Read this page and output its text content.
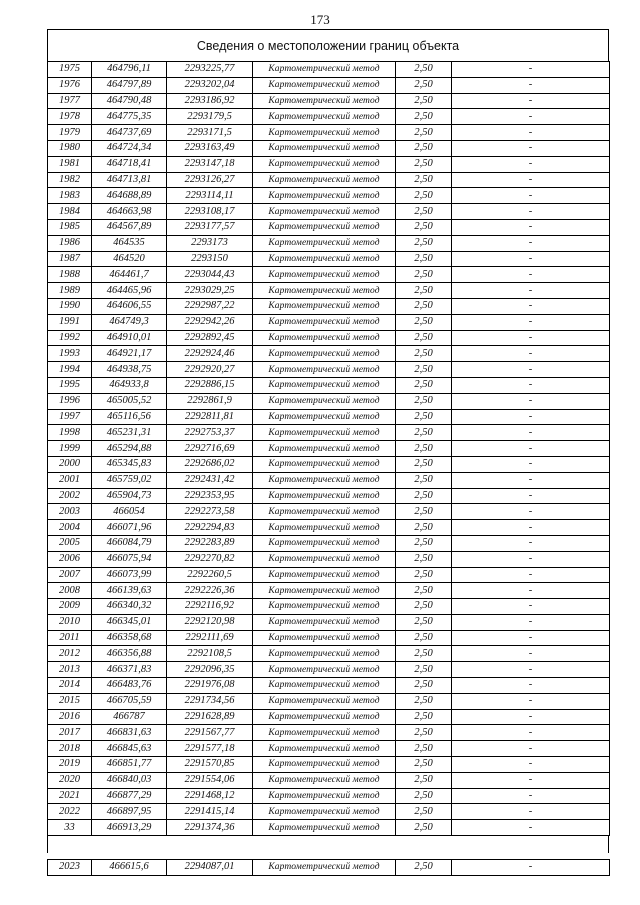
173
Сведения о местоположении границ объекта
1975	464796,11	2293225,77	Картометрический метод	2,50	-
1976	464797,89	2293202,04	Картометрический метод	2,50	-
1977	464790,48	2293186,92	Картометрический метод	2,50	-
1978	464775,35	2293179,5	Картометрический метод	2,50	-
1979	464737,69	2293171,5	Картометрический метод	2,50	-
1980	464724,34	2293163,49	Картометрический метод	2,50	-
1981	464718,41	2293147,18	Картометрический метод	2,50	-
1982	464713,81	2293126,27	Картометрический метод	2,50	-
1983	464688,89	2293114,11	Картометрический метод	2,50	-
1984	464663,98	2293108,17	Картометрический метод	2,50	-
1985	464567,89	2293177,57	Картометрический метод	2,50	-
1986	464535	2293173	Картометрический метод	2,50	-
1987	464520	2293150	Картометрический метод	2,50	-
1988	464461,7	2293044,43	Картометрический метод	2,50	-
1989	464465,96	2293029,25	Картометрический метод	2,50	-
1990	464606,55	2292987,22	Картометрический метод	2,50	-
1991	464749,3	2292942,26	Картометрический метод	2,50	-
1992	464910,01	2292892,45	Картометрический метод	2,50	-
1993	464921,17	2292924,46	Картометрический метод	2,50	-
1994	464938,75	2292920,27	Картометрический метод	2,50	-
1995	464933,8	2292886,15	Картометрический метод	2,50	-
1996	465005,52	2292861,9	Картометрический метод	2,50	-
1997	465116,56	2292811,81	Картометрический метод	2,50	-
1998	465231,31	2292753,37	Картометрический метод	2,50	-
1999	465294,88	2292716,69	Картометрический метод	2,50	-
2000	465345,83	2292686,02	Картометрический метод	2,50	-
2001	465759,02	2292431,42	Картометрический метод	2,50	-
2002	465904,73	2292353,95	Картометрический метод	2,50	-
2003	466054	2292273,58	Картометрический метод	2,50	-
2004	466071,96	2292294,83	Картометрический метод	2,50	-
2005	466084,79	2292283,89	Картометрический метод	2,50	-
2006	466075,94	2292270,82	Картометрический метод	2,50	-
2007	466073,99	2292260,5	Картометрический метод	2,50	-
2008	466139,63	2292226,36	Картометрический метод	2,50	-
2009	466340,32	2292116,92	Картометрический метод	2,50	-
2010	466345,01	2292120,98	Картометрический метод	2,50	-
2011	466358,68	2292111,69	Картометрический метод	2,50	-
2012	466356,88	2292108,5	Картометрический метод	2,50	-
2013	466371,83	2292096,35	Картометрический метод	2,50	-
2014	466483,76	2291976,08	Картометрический метод	2,50	-
2015	466705,59	2291734,56	Картометрический метод	2,50	-
2016	466787	2291628,89	Картометрический метод	2,50	-
2017	466831,63	2291567,77	Картометрический метод	2,50	-
2018	466845,63	2291577,18	Картометрический метод	2,50	-
2019	466851,77	2291570,85	Картометрический метод	2,50	-
2020	466840,03	2291554,06	Картометрический метод	2,50	-
2021	466877,29	2291468,12	Картометрический метод	2,50	-
2022	466897,95	2291415,14	Картометрический метод	2,50	-
33	466913,29	2291374,36	Картометрический метод	2,50	-
2023	466615,6	2294087,01	Картометрический метод	2,50	-
